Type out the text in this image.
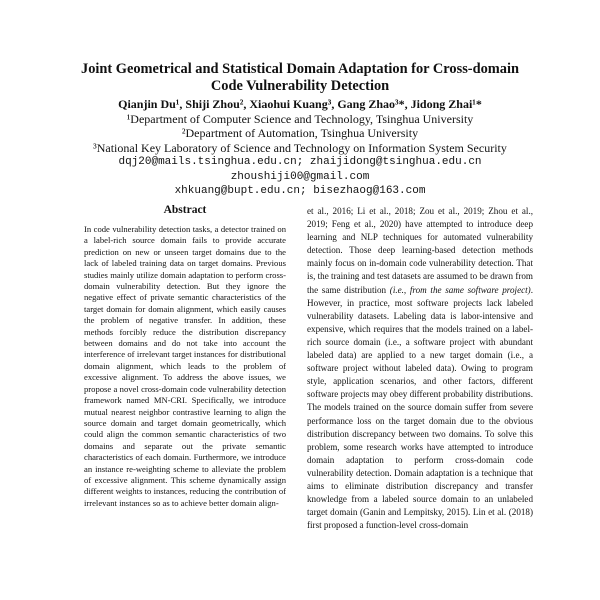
Joint Geometrical and Statistical Domain Adaptation for Cross-domain
Code Vulnerability Detection
Qianjin Du¹, Shiji Zhou², Xiaohui Kuang³, Gang Zhao³*, Jidong Zhai¹*
¹Department of Computer Science and Technology, Tsinghua University
²Department of Automation, Tsinghua University
³National Key Laboratory of Science and Technology on Information System Security
dqj20@mails.tsinghua.edu.cn; zhaijidong@tsinghua.edu.cn
zhoushiji00@gmail.com
xhkuang@bupt.edu.cn; bisezhaog@163.com
Abstract

In code vulnerability detection tasks, a detector trained on a label-rich source domain fails to provide accurate prediction on new or unseen target domains due to the lack of labeled training data on target domains. Previous studies mainly utilize domain adaptation to perform cross-domain vulnerability detection. But they ignore the negative effect of private semantic characteristics of the target domain for domain alignment, which easily causes the problem of negative transfer. In addition, these methods forcibly reduce the distribution discrepancy between domains and do not take into account the interference of irrelevant target instances for distributional domain alignment, which leads to the problem of excessive alignment. To address the above issues, we propose a novel cross-domain code vulnerability detection framework named MN-CRI. Specifically, we introduce mutual nearest neighbor contrastive learning to align the source domain and target domain geometrically, which could align the common semantic characteristics of two domains and separate out the private semantic characteristics of each domain. Furthermore, we introduce an instance re-weighting scheme to alleviate the problem of excessive alignment. This scheme dynamically assign different weights to instances, reducing the contribution of irrelevant instances so as to achieve better domain align-

et al., 2016; Li et al., 2018; Zou et al., 2019; Zhou et al., 2019; Feng et al., 2020) have attempted to introduce deep learning and NLP techniques for automated vulnerability detection. Those deep learning-based detection methods mainly focus on in-domain code vulnerability detection. That is, the training and test datasets are assumed to be drawn from the same distribution (i.e., from the same software project). However, in practice, most software projects lack labeled vulnerability datasets. Labeling data is labor-intensive and expensive, which requires that the models trained on a label-rich source domain (i.e., a software project with abundant labeled data) are applied to a new target domain (i.e., a software project without labeled data). Owing to program style, application scenarios, and other factors, different software projects may obey different probability distributions. The models trained on the source domain suffer from severe performance loss on the target domain due to the obvious distribution discrepancy between two domains. To solve this problem, some research works have attempted to introduce domain adaptation to perform cross-domain code vulnerability detection. Domain adaptation is a technique that aims to eliminate distribution discrepancy and transfer knowledge from a labeled source domain to an unlabeled target domain (Ganin and Lempitsky, 2015). Lin et al. (2018) first proposed a function-level cross-domain
